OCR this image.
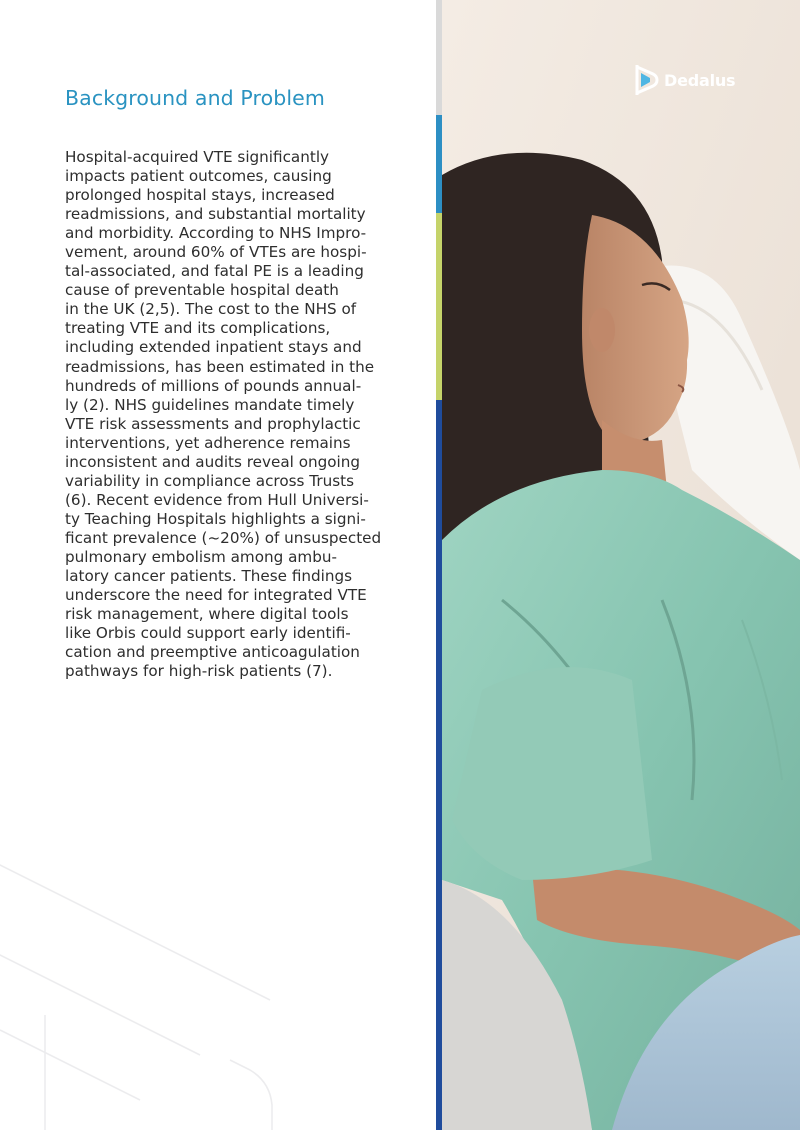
Background and Problem
Hospital-acquired VTE significantly
impacts patient outcomes, causing
prolonged hospital stays, increased
readmissions, and substantial mortality
and morbidity. According to NHS Impro-
vement, around 60% of VTEs are hospi-
tal-associated, and fatal PE is a leading
cause of preventable hospital death
in the UK (2,5). The cost to the NHS of
treating VTE and its complications,
including extended inpatient stays and
readmissions, has been estimated in the
hundreds of millions of pounds annual-
ly (2). NHS guidelines mandate timely
VTE risk assessments and prophylactic
interventions, yet adherence remains
inconsistent and audits reveal ongoing
variability in compliance across Trusts
(6). Recent evidence from Hull Universi-
ty Teaching Hospitals highlights a signi-
ficant prevalence (~20%) of unsuspected
pulmonary embolism among ambu-
latory cancer patients. These findings
underscore the need for integrated VTE
risk management, where digital tools
like Orbis could support early identifi-
cation and preemptive anticoagulation
pathways for high-risk patients (7).
Dedalus
